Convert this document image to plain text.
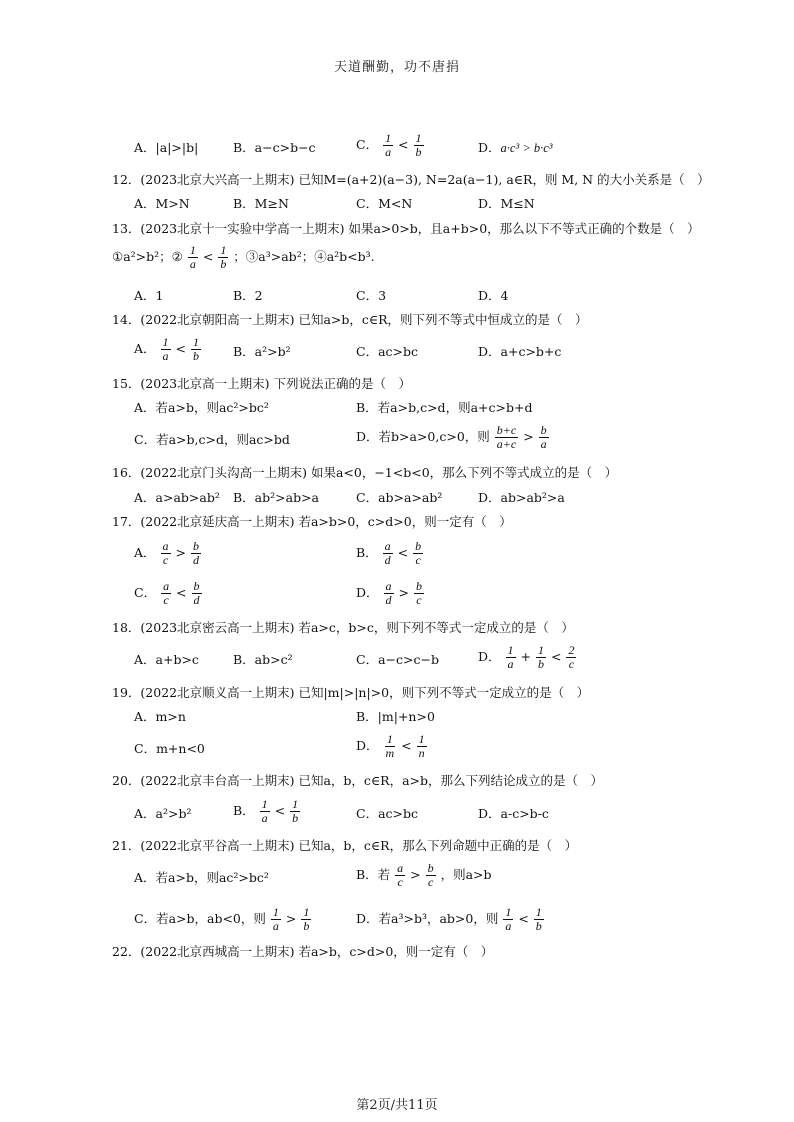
天道酬勤，功不唐捐
A．|a|>|b|	B．a−c>b−c	C． $\frac{1}{a} < \frac{1}{b}$	D．a·c³ > b·c³
12．(2023北京大兴高一上期末) 已知M=(a+2)(a−3), N=2a(a−1), a∈R，则 M, N 的大小关系是（　）
A．M>N	B．M≥N	C．M<N	D．M≤N
13．(2023北京十一实验中学高一上期末) 如果a>0>b，且a+b>0，那么以下不等式正确的个数是（　）
①a²>b²；② $\frac{1}{a} < \frac{1}{b}$ ；③a³>ab²；④a²b<b³.
A．1	B．2	C．3	D．4
14．(2022北京朝阳高一上期末) 已知a>b，c∈R，则下列不等式中恒成立的是（　）
A． $\frac{1}{a} < \frac{1}{b}$	B．a²>b²	C．ac>bc	D．a+c>b+c
15．(2023北京高一上期末) 下列说法正确的是（　）
A．若a>b，则ac²>bc²	B．若a>b,c>d，则a+c>b+d
C．若a>b,c>d，则ac>bd	D．若b>a>0,c>0，则 $\frac{b+c}{a+c} > \frac{b}{a}$
16．(2022北京门头沟高一上期末) 如果a<0，−1<b<0，那么下列不等式成立的是（　）
A．a>ab>ab² B．ab²>ab>a	C．ab>a>ab²	D．ab>ab²>a
17．(2022北京延庆高一上期末) 若a>b>0，c>d>0，则一定有（　）
A． $\frac{a}{c} > \frac{b}{d}$	B． $\frac{a}{d} < \frac{b}{c}$
C． $\frac{a}{c} < \frac{b}{d}$	D． $\frac{a}{d} > \frac{b}{c}$
18．(2023北京密云高一上期末) 若a>c，b>c，则下列不等式一定成立的是（　）
A．a+b>c	B．ab>c²	C．a−c>c−b	D． $\frac{1}{a} + \frac{1}{b} < \frac{2}{c}$
19．(2022北京顺义高一上期末) 已知|m|>|n|>0，则下列不等式一定成立的是（　）
A．m>n	B．|m|+n>0
C．m+n<0	D． $\frac{1}{m} < \frac{1}{n}$
20．(2022北京丰台高一上期末) 已知a，b，c∈R，a>b，那么下列结论成立的是（　）
A．a²>b²	B． $\frac{1}{a} < \frac{1}{b}$	C．ac>bc	D．a-c>b-c
21．(2022北京平谷高一上期末) 已知a，b，c∈R，那么下列命题中正确的是（　）
A．若a>b，则ac²>bc²	B．若 $\frac{a}{c} > \frac{b}{c}$ ，则a>b
C．若a>b，ab<0，则 $\frac{1}{a} > \frac{1}{b}$	D．若a³>b³，ab>0，则 $\frac{1}{a} < \frac{1}{b}$
22．(2022北京西城高一上期末) 若a>b，c>d>0，则一定有（　）
第2页/共11页
